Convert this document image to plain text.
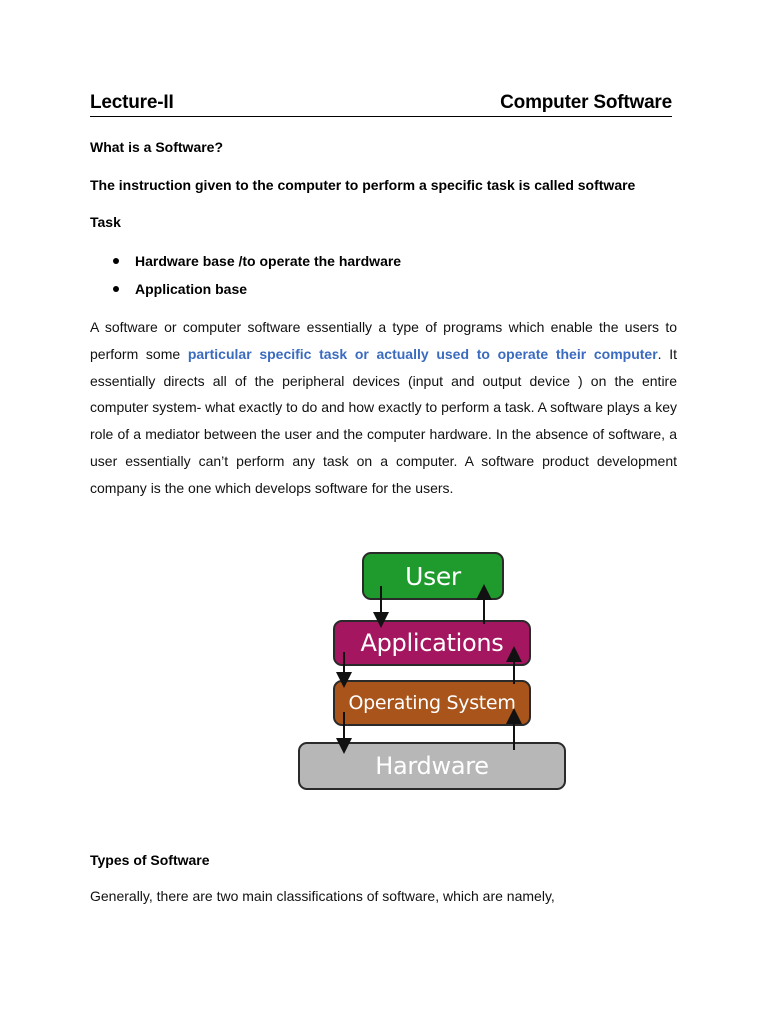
Lecture-II	Computer Software
What is a Software?
The instruction given to the computer to perform a specific task is called software
Task
Hardware base /to operate the hardware
Application base

A software or computer software essentially a type of programs which enable the users to perform some particular specific task or actually used to operate their computer. It essentially directs all of the peripheral devices (input and output device ) on the entire computer system- what exactly to do and how exactly to perform a task. A software plays a key role of a mediator between the user and the computer hardware. In the absence of software, a user essentially can’t perform any task on a computer. A software product development company is the one which develops software for the users.

User
Applications
Operating System
Hardware
Types of Software
Generally, there are two main classifications of software, which are namely,
